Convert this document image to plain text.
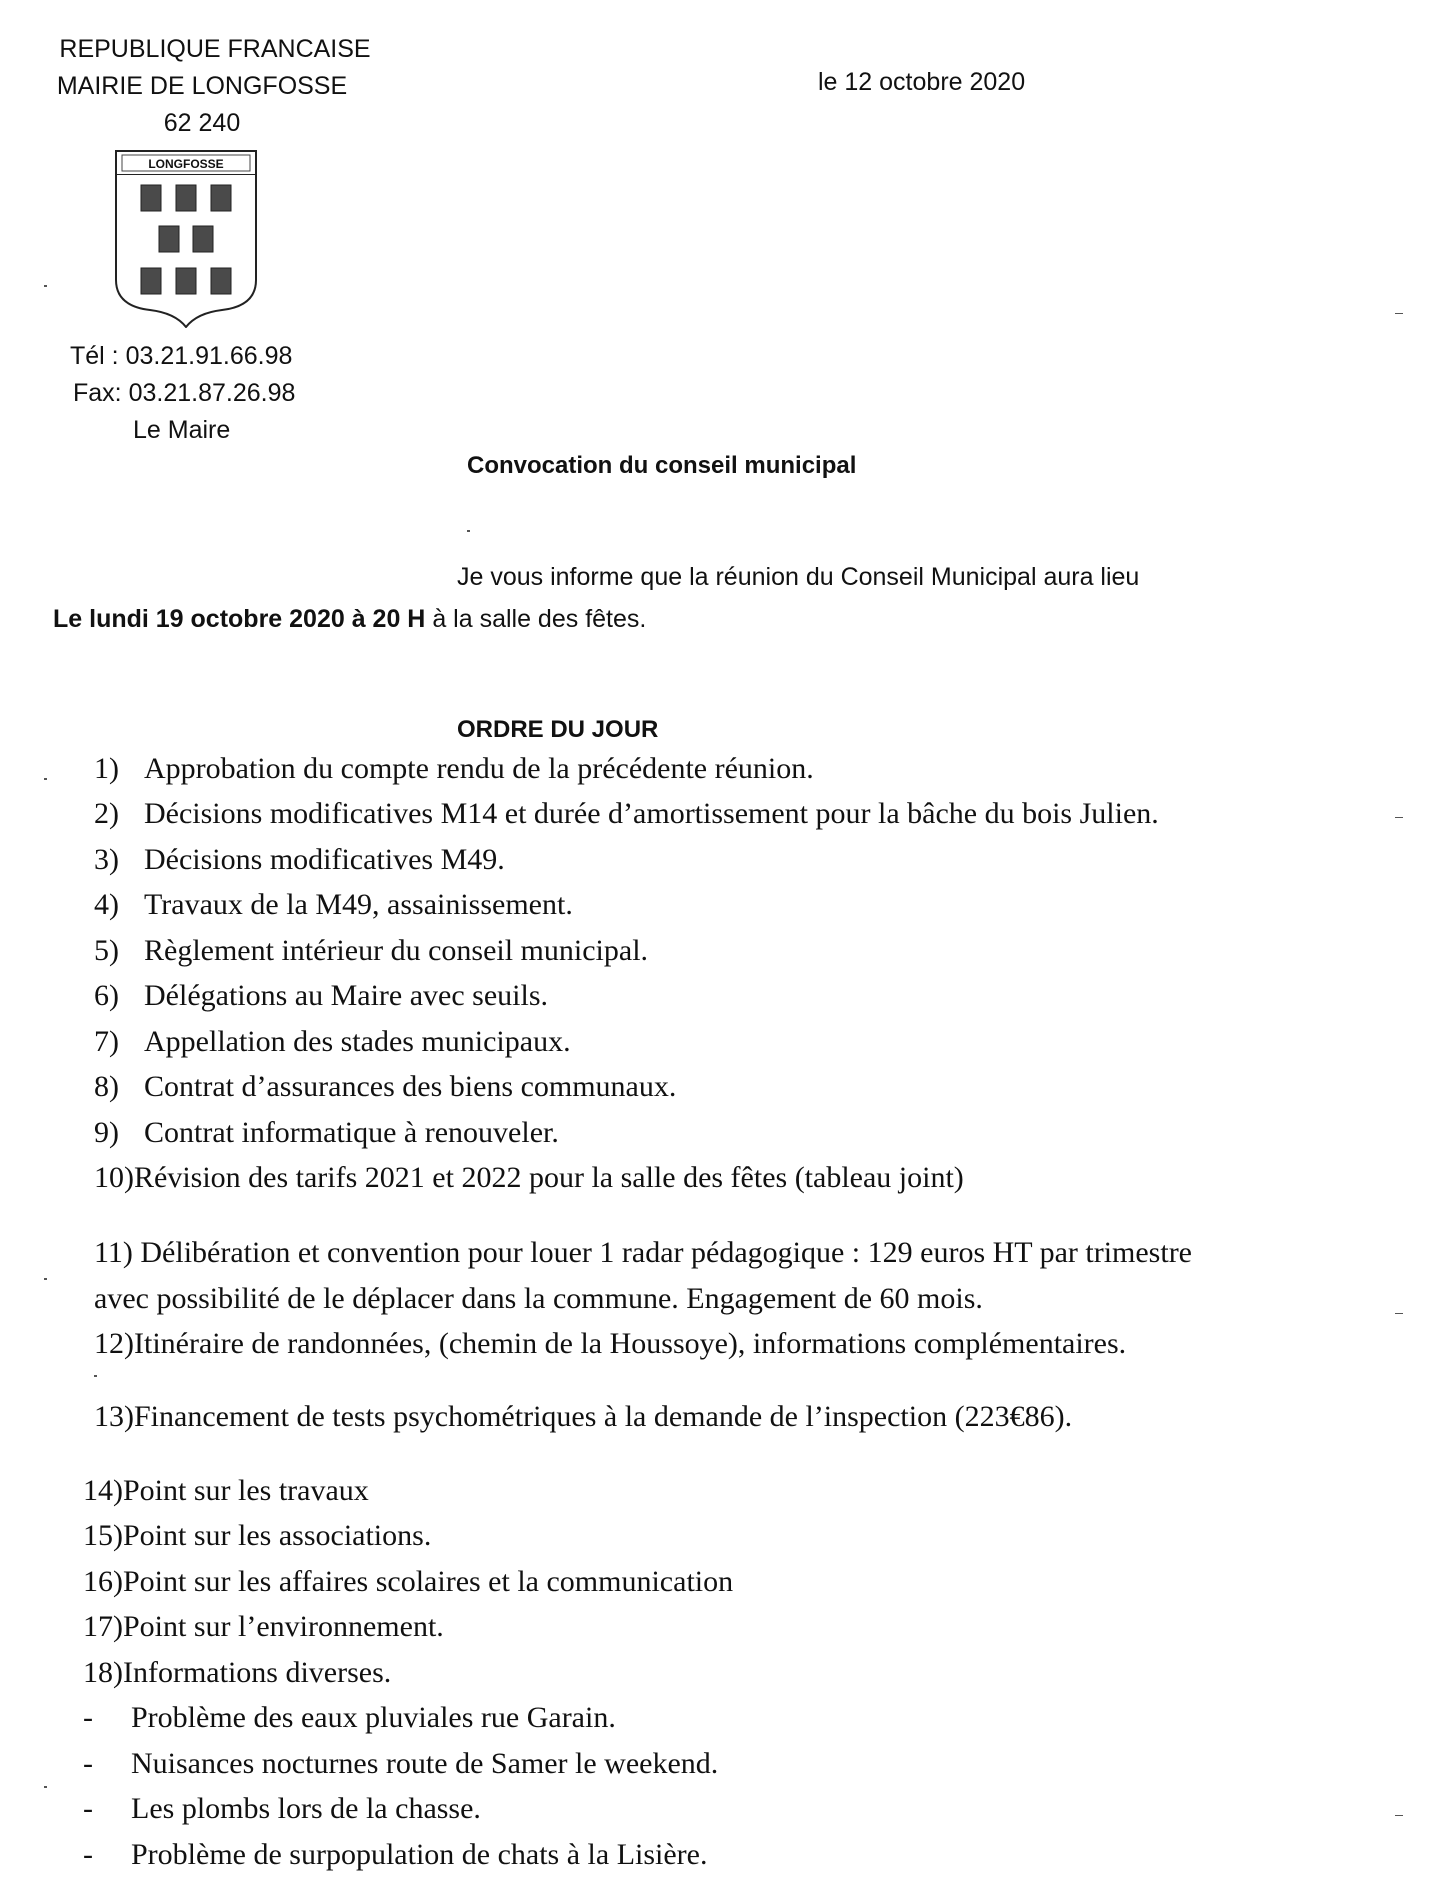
REPUBLIQUE FRANCAISE
MAIRIE DE LONGFOSSE
62 240
le 12 octobre 2020
LONGFOSSE
Tél : 03.21.91.66.98
Fax: 03.21.87.26.98
Le Maire
Convocation du conseil municipal
Je vous informe que la réunion du Conseil Municipal aura lieu
Le lundi 19 octobre 2020 à 20 H à la salle des fêtes.
ORDRE DU JOUR
1) Approbation du compte rendu de la précédente réunion.
2) Décisions modificatives M14 et durée d’amortissement pour la bâche du bois Julien.
3) Décisions modificatives M49.
4) Travaux de la M49, assainissement.
5) Règlement intérieur du conseil municipal.
6) Délégations au Maire avec seuils.
7) Appellation des stades municipaux.
8) Contrat d’assurances des biens communaux.
9) Contrat informatique à renouveler.
10)Révision des tarifs 2021 et 2022 pour la salle des fêtes (tableau joint)
11) Délibération et convention pour louer 1 radar pédagogique : 129 euros HT par trimestre
avec possibilité de le déplacer dans la commune. Engagement de 60 mois.
12)Itinéraire de randonnées, (chemin de la Houssoye), informations complémentaires.
13)Financement de tests psychométriques à la demande de l’inspection (223€86).
14)Point sur les travaux
15)Point sur les associations.
16)Point sur les affaires scolaires et la communication
17)Point sur l’environnement.
18)Informations diverses.
- Problème des eaux pluviales rue Garain.
- Nuisances nocturnes route de Samer le weekend.
- Les plombs lors de la chasse.
- Problème de surpopulation de chats à la Lisière.
